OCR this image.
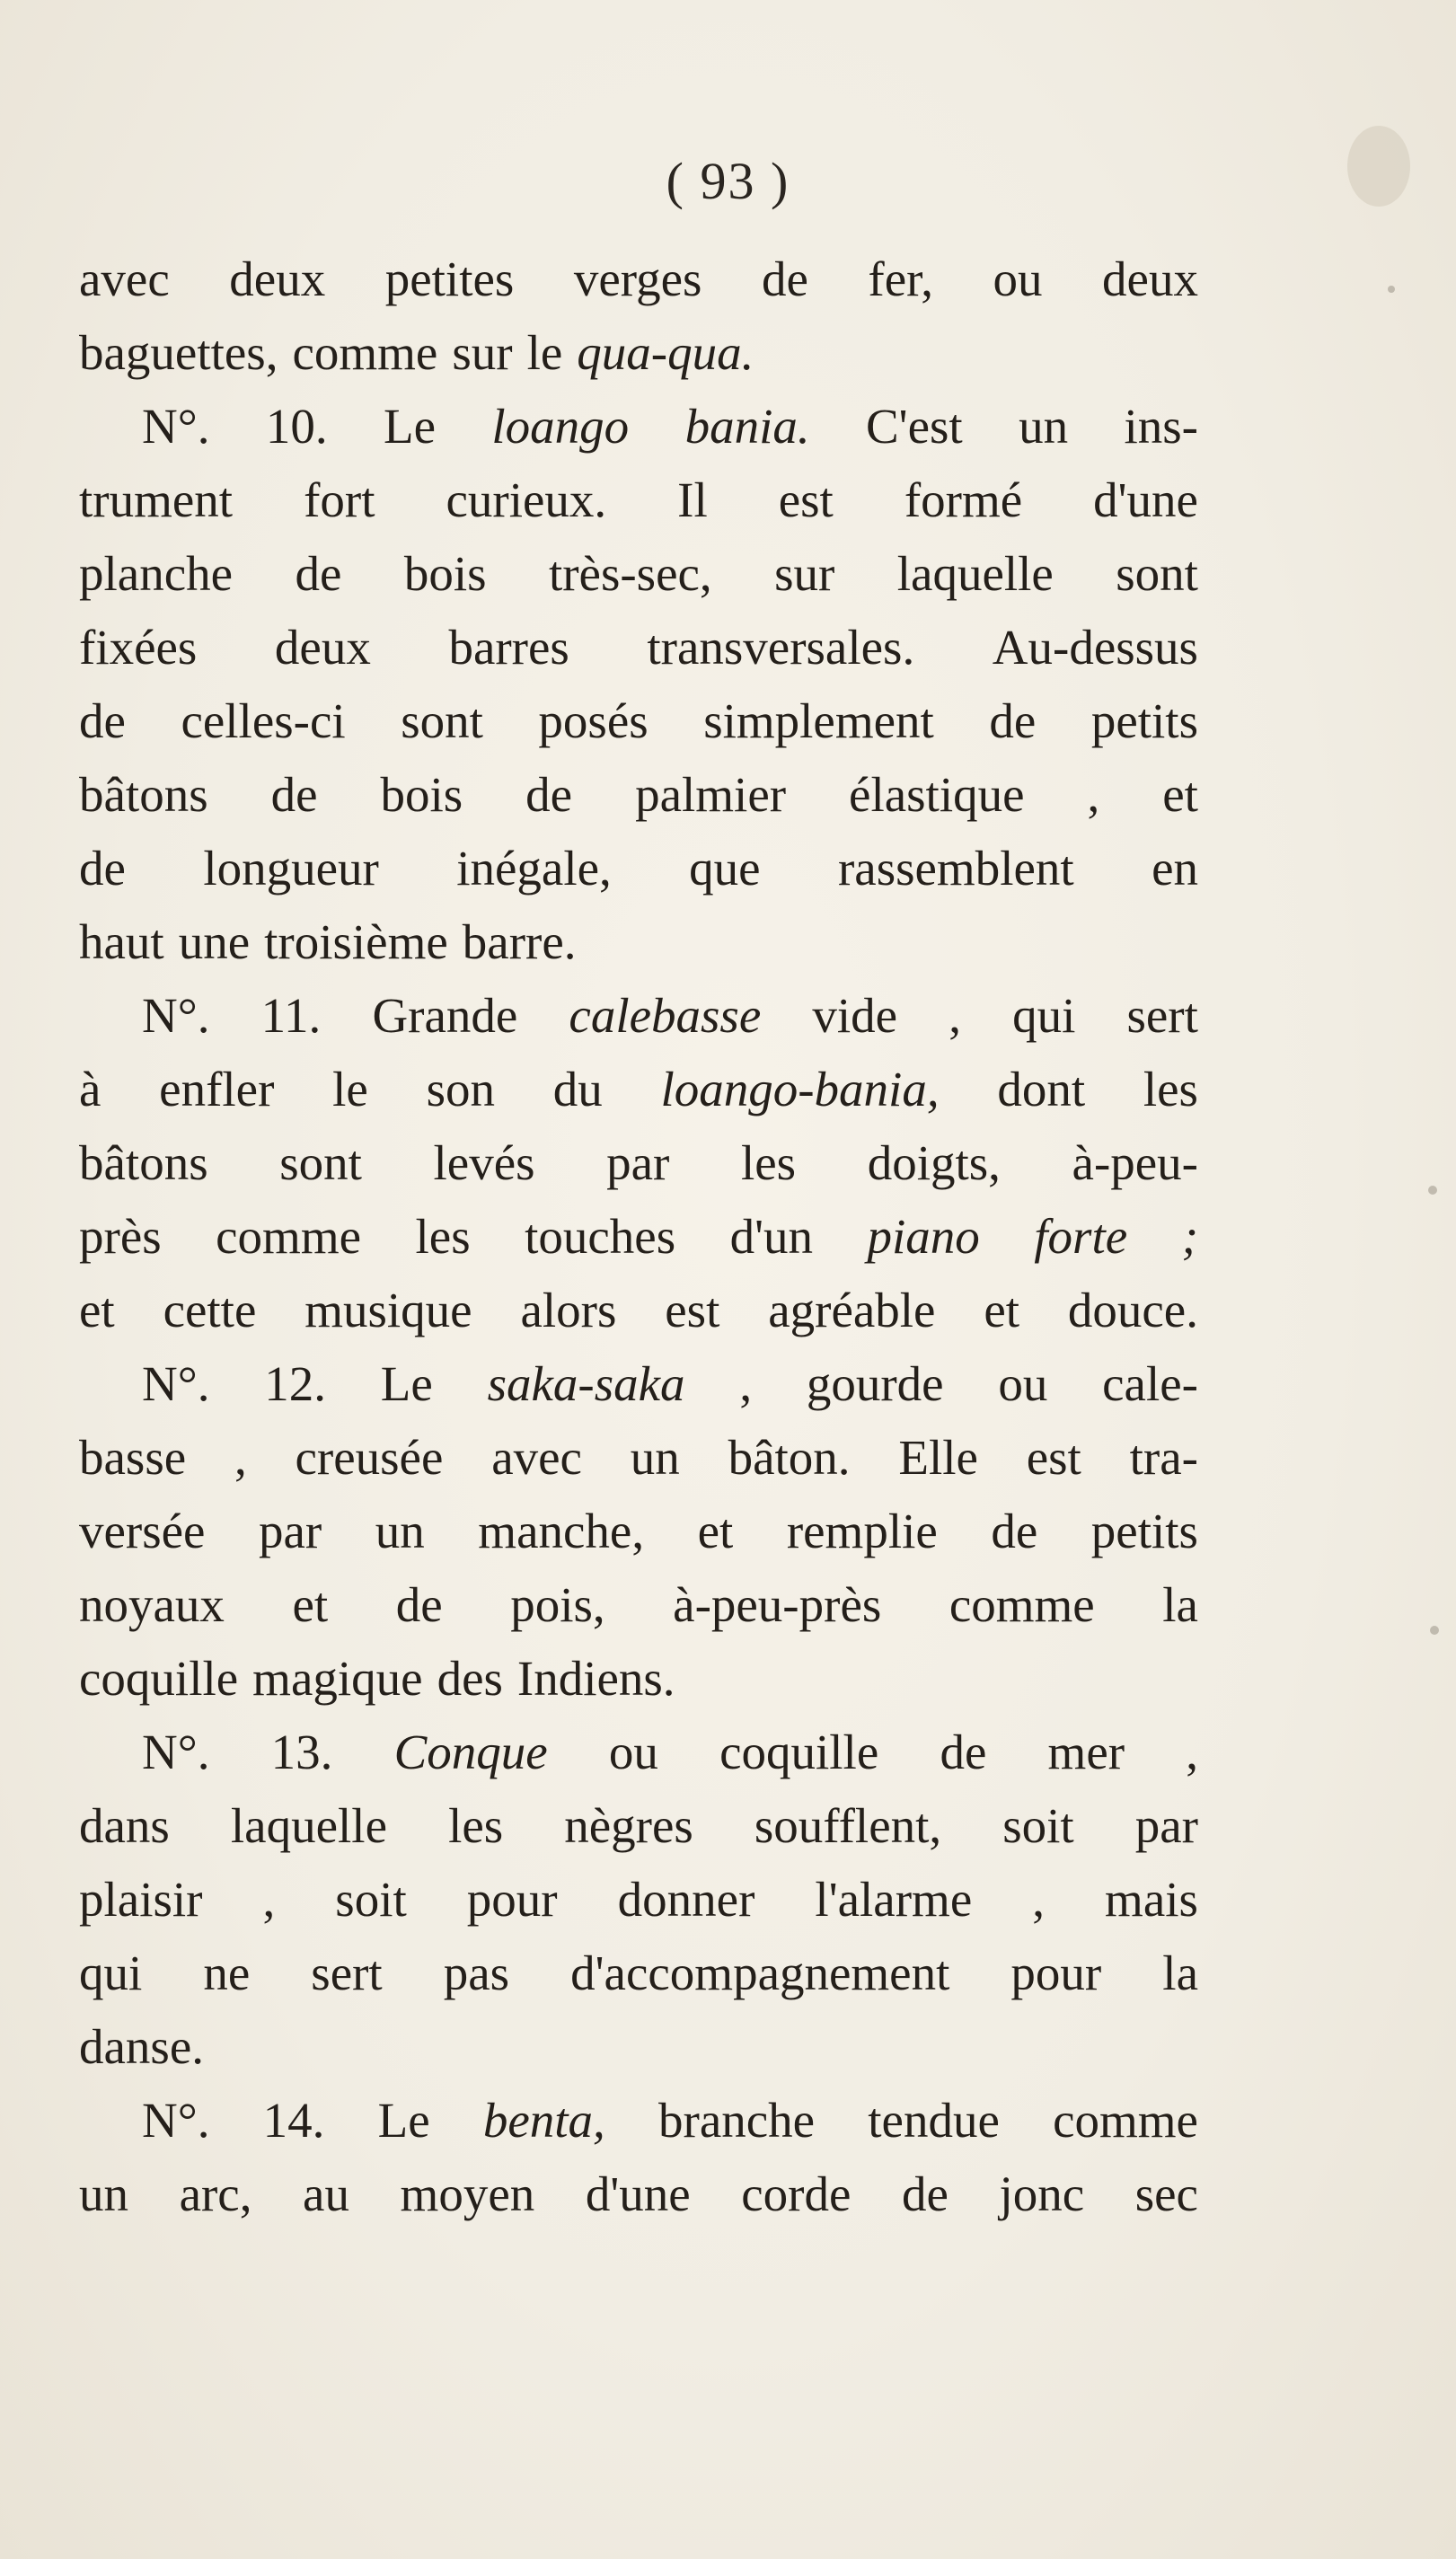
( 93 )
avec deux petites verges de fer, ou deux
baguettes, comme sur le qua-qua.
N°. 10. Le loango bania. C'est un ins-
trument fort curieux. Il est formé d'une
planche de bois très-sec, sur laquelle sont
fixées deux barres transversales. Au-dessus
de celles-ci sont posés simplement de petits
bâtons de bois de palmier élastique , et
de longueur inégale, que rassemblent en
haut une troisième barre.
N°. 11. Grande calebasse vide , qui sert
à enfler le son du loango-bania, dont les
bâtons sont levés par les doigts, à-peu-
près comme les touches d'un piano forte ;
et cette musique alors est agréable et douce.
N°. 12. Le saka-saka , gourde ou cale-
basse , creusée avec un bâton. Elle est tra-
versée par un manche, et remplie de petits
noyaux et de pois, à-peu-près comme la
coquille magique des Indiens.
N°. 13. Conque ou coquille de mer ,
dans laquelle les nègres soufflent, soit par
plaisir , soit pour donner l'alarme , mais
qui ne sert pas d'accompagnement pour la
danse.
N°. 14. Le benta, branche tendue comme
un arc, au moyen d'une corde de jonc sec
